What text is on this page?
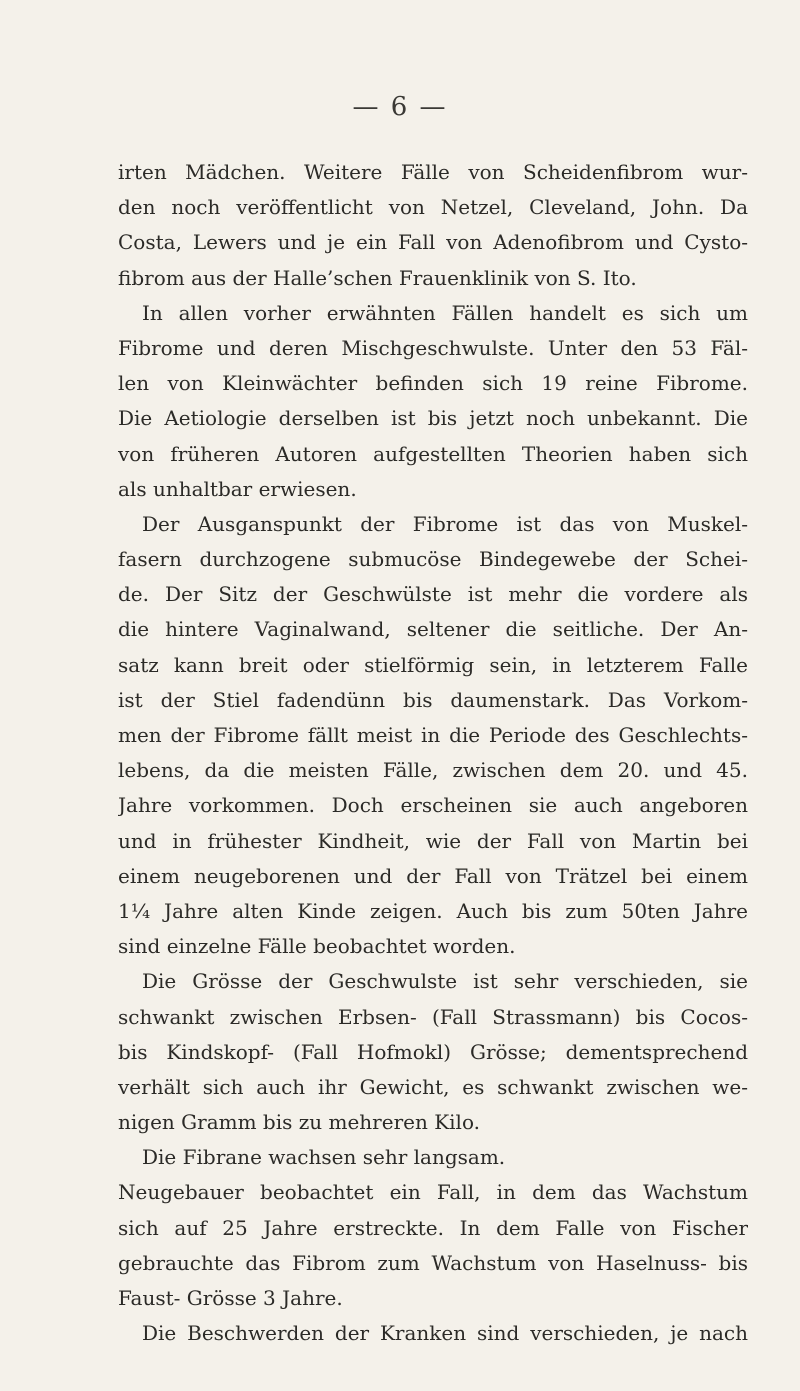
— 6 —
irten Mädchen. Weitere Fälle von Scheidenfibrom wur-
den noch veröffentlicht von Netzel, Cleveland, John. Da
Costa, Lewers und je ein Fall von Adenofibrom und Cysto-
fibrom aus der Halle’schen Frauenklinik von S. Ito.
In allen vorher erwähnten Fällen handelt es sich um
Fibrome und deren Mischgeschwulste. Unter den 53 Fäl-
len von Kleinwächter befinden sich 19 reine Fibrome.
Die Aetiologie derselben ist bis jetzt noch unbekannt. Die
von früheren Autoren aufgestellten Theorien haben sich
als unhaltbar erwiesen.
Der Ausganspunkt der Fibrome ist das von Muskel-
fasern durchzogene submucöse Bindegewebe der Schei-
de. Der Sitz der Geschwülste ist mehr die vordere als
die hintere Vaginalwand, seltener die seitliche. Der An-
satz kann breit oder stielförmig sein, in letzterem Falle
ist der Stiel fadendünn bis daumenstark. Das Vorkom-
men der Fibrome fällt meist in die Periode des Geschlechts-
lebens, da die meisten Fälle, zwischen dem 20. und 45.
Jahre vorkommen. Doch erscheinen sie auch angeboren
und in frühester Kindheit, wie der Fall von Martin bei
einem neugeborenen und der Fall von Trätzel bei einem
1¼ Jahre alten Kinde zeigen. Auch bis zum 50ten Jahre
sind einzelne Fälle beobachtet worden.
Die Grösse der Geschwulste ist sehr verschieden, sie
schwankt zwischen Erbsen- (Fall Strassmann) bis Cocos-
bis Kindskopf- (Fall Hofmokl) Grösse; dementsprechend
verhält sich auch ihr Gewicht, es schwankt zwischen we-
nigen Gramm bis zu mehreren Kilo.
Die Fibrane wachsen sehr langsam.
Neugebauer beobachtet ein Fall, in dem das Wachstum
sich auf 25 Jahre erstreckte. In dem Falle von Fischer
gebrauchte das Fibrom zum Wachstum von Haselnuss- bis
Faust- Grösse 3 Jahre.
Die Beschwerden der Kranken sind verschieden, je nach
